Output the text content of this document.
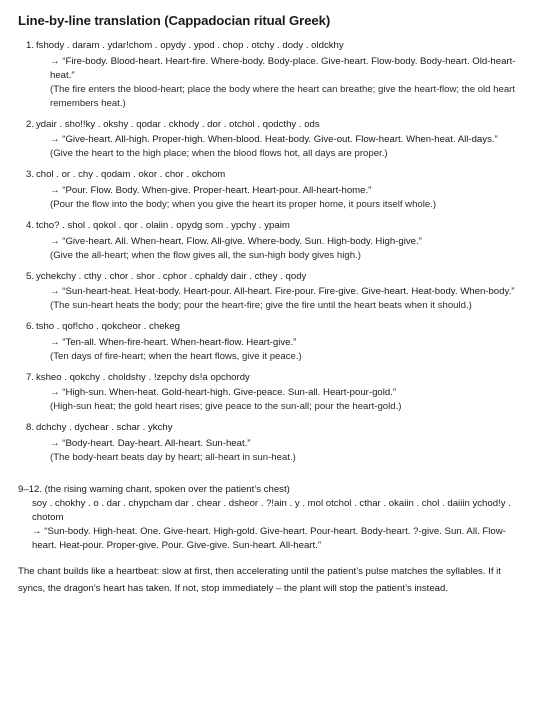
Line-by-line translation (Cappadocian ritual Greek)
1. fshody . daram . ydar!chom . opydy . ypod . chop . otchy . dody . oldckhy
→ “Fire-body. Blood-heart. Heart-fire. Where-body. Body-place. Give-heart. Flow-body. Body-heart. Old-heart-heat.”
(The fire enters the blood-heart; place the body where the heart can breathe; give the heart-flow; the old heart remembers heat.)
2. ydair . sho!!ky . okshy . qodar . ckhody . dor . otchol . qodcthy . ods
→ “Give-heart. All-high. Proper-high. When-blood. Heat-body. Give-out. Flow-heart. When-heat. All-days.”
(Give the heart to the high place; when the blood flows hot, all days are proper.)
3. chol . or . chy . qodam . okor . chor . okchom
→ “Pour. Flow. Body. When-give. Proper-heart. Heart-pour. All-heart-home.”
(Pour the flow into the body; when you give the heart its proper home, it pours itself whole.)
4. tcho? . shol . qokol . qor . olaiin . opydg som . ypchy . ypaim
→ “Give-heart. All. When-heart. Flow. All-give. Where-body. Sun. High-body. High-give.”
(Give the all-heart; when the flow gives all, the sun-high body gives high.)
5. ychekchy . cthy . chor . shor . cphor . cphaldy dair . cthey . qody
→ “Sun-heart-heat. Heat-body. Heart-pour. All-heart. Fire-pour. Fire-give. Give-heart. Heat-body. When-body.”
(The sun-heart heats the body; pour the heart-fire; give the fire until the heart beats when it should.)
6. tsho . qof!cho . qokcheor . chekeg
→ “Ten-all. When-fire-heart. When-heart-flow. Heart-give.”
(Ten days of fire-heart; when the heart flows, give it peace.)
7. ksheo . qokchy . choldshy . !zepchy ds!a opchordy
→ “High-sun. When-heat. Gold-heart-high. Give-peace. Sun-all. Heart-pour-gold.”
(High-sun heat; the gold heart rises; give peace to the sun-all; pour the heart-gold.)
8. dchchy . dychear . schar . ykchy
→ “Body-heart. Day-heart. All-heart. Sun-heat.”
(The body-heart beats day by heart; all-heart in sun-heat.)
9–12. (the rising warning chant, spoken over the patient’s chest)
soy . chokhy . o . dar . chypcham dar . chear . dsheor . ?!ain . y . mol otchol . cthar . okaiin . chol . daiiin ychod!y . chotom
→ “Sun-body. High-heat. One. Give-heart. High-gold. Give-heart. Pour-heart. Body-heart. ?-give. Sun. All. Flow-heart. Heat-pour. Proper-give. Pour. Give-give. Sun-heart. All-heart.”
The chant builds like a heartbeat: slow at first, then accelerating until the patient’s pulse matches the syllables. If it syncs, the dragon’s heart has taken. If not, stop immediately – the plant will stop the patient’s instead.
